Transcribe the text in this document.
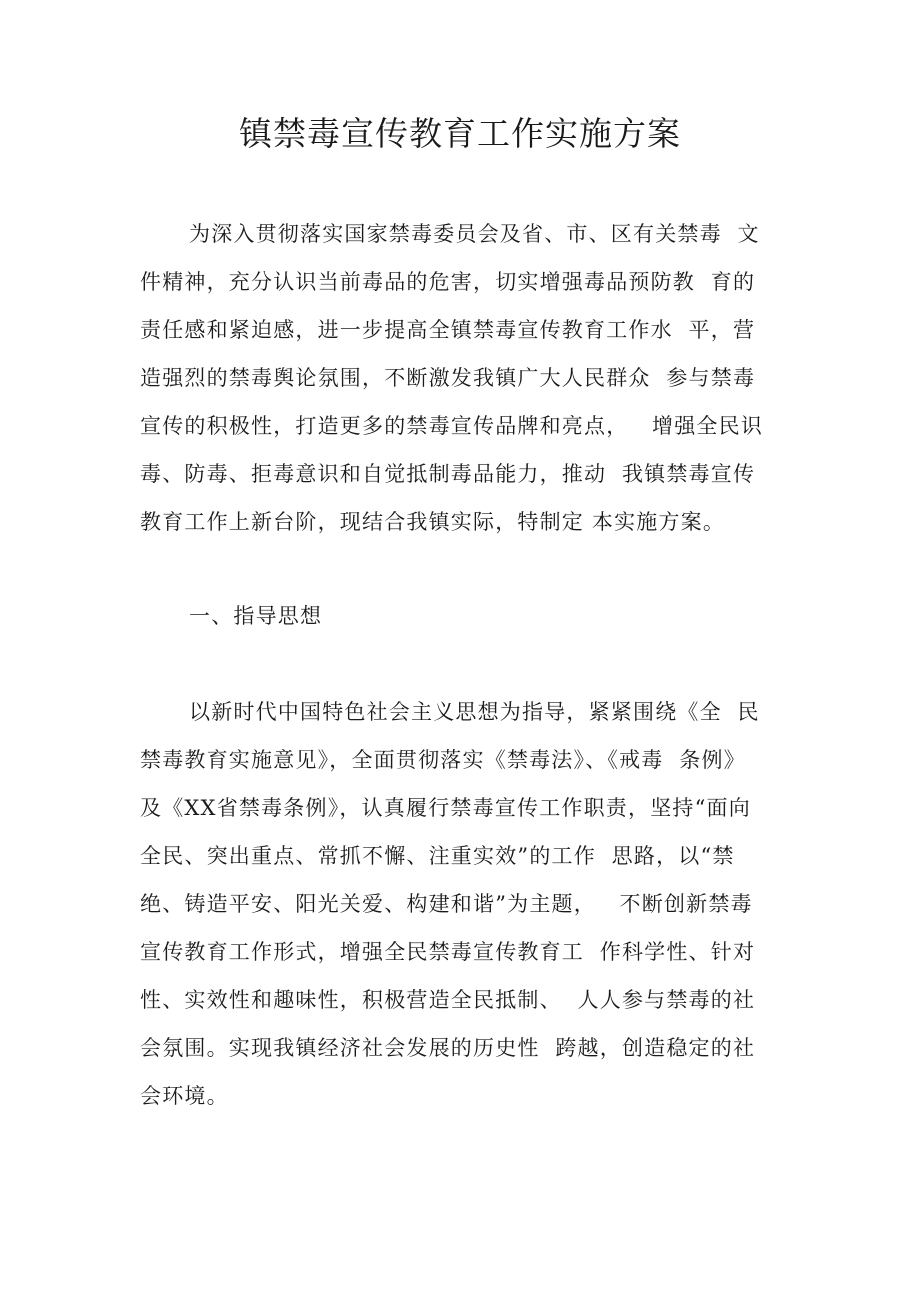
镇禁毒宣传教育工作实施方案
为深入贯彻落实国家禁毒委员会及省、市、区有关禁毒  文
件精神，充分认识当前毒品的危害，切实增强毒品预防教  育的
责任感和紧迫感，进一步提高全镇禁毒宣传教育工作水  平，营
造强烈的禁毒舆论氛围，不断激发我镇广大人民群众  参与禁毒
宣传的积极性，打造更多的禁毒宣传品牌和亮点，   增强全民识
毒、防毒、拒毒意识和自觉抵制毒品能力，推动  我镇禁毒宣传
教育工作上新台阶，现结合我镇实际，特制定 本实施方案。
一、指导思想
以新时代中国特色社会主义思想为指导，紧紧围绕《全  民
禁毒教育实施意见》，全面贯彻落实《禁毒法》、《戒毒  条例》
及《XX省禁毒条例》，认真履行禁毒宣传工作职责，坚持“面向
全民、突出重点、常抓不懈、注重实效”的工作  思路，以“禁
绝、铸造平安、阳光关爱、构建和谐”为主题，   不断创新禁毒
宣传教育工作形式，增强全民禁毒宣传教育工  作科学性、针对
性、实效性和趣味性，积极营造全民抵制、  人人参与禁毒的社
会氛围。实现我镇经济社会发展的历史性  跨越，创造稳定的社
会环境。
